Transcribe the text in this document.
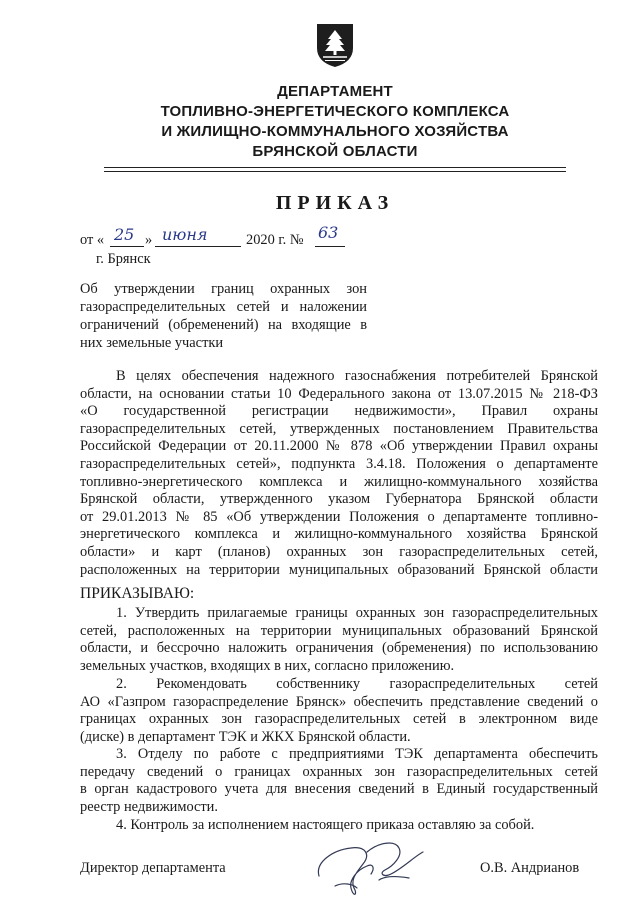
ДЕПАРТАМЕНТ
ТОПЛИВНО-ЭНЕРГЕТИЧЕСКОГО КОМПЛЕКСА
И ЖИЛИЩНО-КОММУНАЛЬНОГО ХОЗЯЙСТВА
БРЯНСКОЙ ОБЛАСТИ
ПРИКАЗ
от « 25 » июня	2020 г. № 63
г. Брянск
Об утверждении границ охранных зон
газораспределительных сетей и наложении
ограничений (обременений) на входящие в
них земельные участки
В целях обеспечения надежного газоснабжения потребителей Брянской
области, на основании статьи 10 Федерального закона от 13.07.2015 № 218-ФЗ
«О государственной регистрации недвижимости», Правил охраны
газораспределительных сетей, утвержденных постановлением Правительства
Российской Федерации от 20.11.2000 № 878 «Об утверждении Правил охраны
газораспределительных сетей», подпункта 3.4.18. Положения о департаменте
топливно-энергетического комплекса и жилищно-коммунального хозяйства
Брянской области, утвержденного указом Губернатора Брянской области
от 29.01.2013 № 85 «Об утверждении Положения о департаменте топливно-
энергетического комплекса и жилищно-коммунального хозяйства Брянской
области» и карт (планов) охранных зон газораспределительных сетей,
расположенных на территории муниципальных образований Брянской области
ПРИКАЗЫВАЮ:
1. Утвердить прилагаемые границы охранных зон газораспределительных
сетей, расположенных на территории муниципальных образований Брянской
области, и бессрочно наложить ограничения (обременения) по использованию
земельных участков, входящих в них, согласно приложению.
2. Рекомендовать собственнику газораспределительных сетей
АО «Газпром газораспределение Брянск» обеспечить представление сведений о
границах охранных зон газораспределительных сетей в электронном виде
(диске) в департамент ТЭК и ЖКХ Брянской области.
3. Отделу по работе с предприятиями ТЭК департамента обеспечить
передачу сведений о границах охранных зон газораспределительных сетей
в орган кадастрового учета для внесения сведений в Единый государственный
реестр недвижимости.
4. Контроль за исполнением настоящего приказа оставляю за собой.
Директор департамента	О.В. Андрианов
